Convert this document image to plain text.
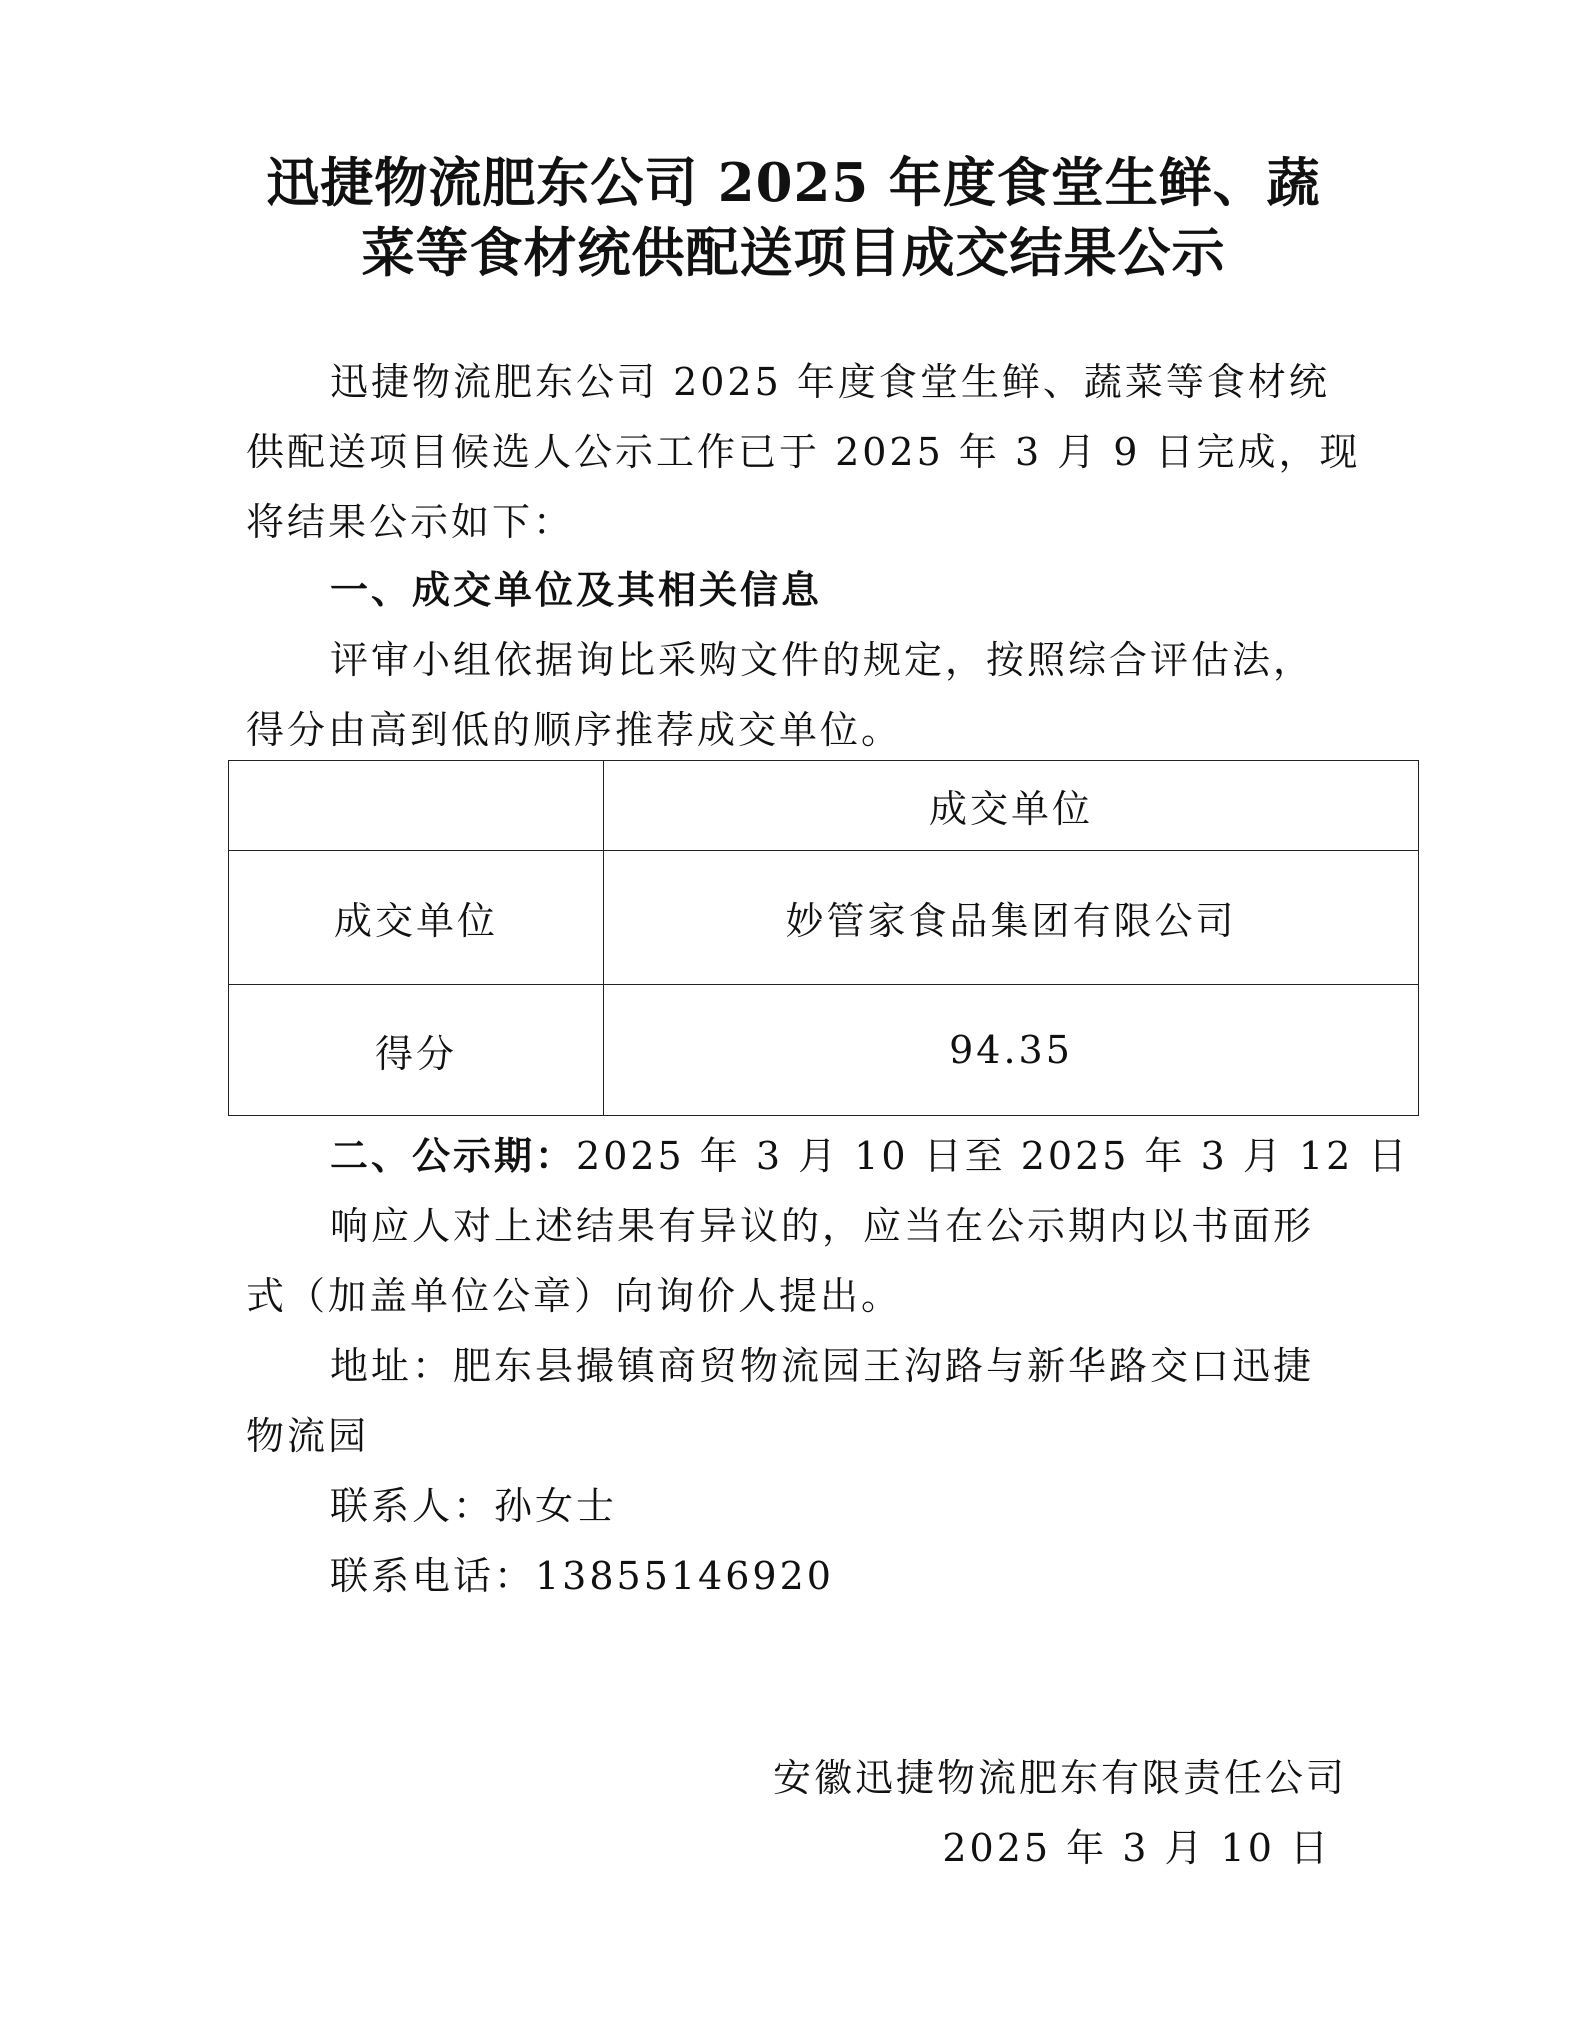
迅捷物流肥东公司 2025 年度食堂生鲜、蔬
菜等食材统供配送项目成交结果公示
迅捷物流肥东公司 2025 年度食堂生鲜、蔬菜等食材统
供配送项目候选人公示工作已于 2025 年 3 月 9 日完成，现
将结果公示如下：
一、成交单位及其相关信息
评审小组依据询比采购文件的规定，按照综合评估法，
得分由高到低的顺序推荐成交单位。
	成交单位
成交单位	妙管家食品集团有限公司
得分	94.35
二、公示期：2025 年 3 月 10 日至 2025 年 3 月 12 日
响应人对上述结果有异议的，应当在公示期内以书面形
式（加盖单位公章）向询价人提出。
地址：肥东县撮镇商贸物流园王沟路与新华路交口迅捷
物流园
联系人：孙女士
联系电话：13855146920
安徽迅捷物流肥东有限责任公司
2025 年 3 月 10 日
